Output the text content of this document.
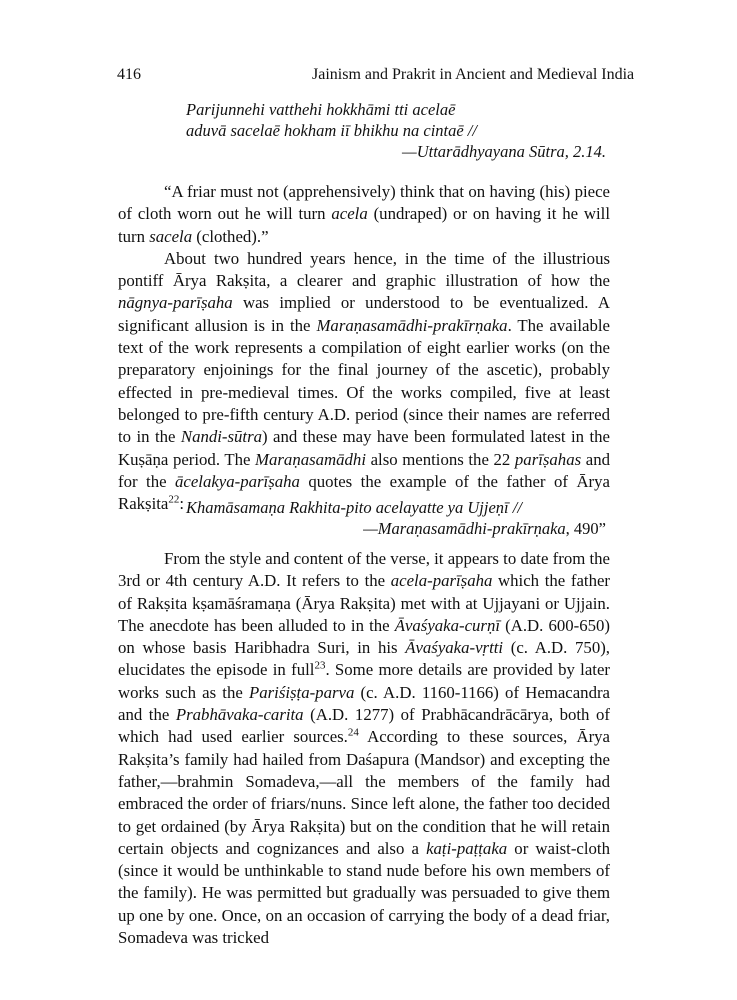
416	Jainism and Prakrit in Ancient and Medieval India
Parijunnehi vatthehi hokkhāmi tti acelaē
aduvā sacelaē hokham iī bhikhu na cintaē //
—Uttarādhyayana Sūtra, 2.14.

“A friar must not (apprehensively) think that on having (his) piece of cloth worn out he will turn acela (undraped) or on having it he will turn sacela (clothed).”

About two hundred years hence, in the time of the illustrious pontiff Ārya Rakṣita, a clearer and graphic illustration of how the nāgnya-parīṣaha was implied or understood to be eventualized. A significant allusion is in the Maraṇasamādhi-prakīrṇaka. The available text of the work represents a compilation of eight earlier works (on the preparatory enjoinings for the final journey of the ascetic), probably effected in pre-medieval times. Of the works compiled, five at least belonged to pre-fifth century A.D. period (since their names are referred to in the Nandi-sūtra) and these may have been formulated latest in the Kuṣāṇa period. The Maraṇasamādhi also mentions the 22 parīṣahas and for the ācelakya-parīṣaha quotes the example of the father of Ārya Rakṣita$^{22}$: Khamāsamaṇa Rakhita-pito acelayatte ya Ujjeṇī //
—Maraṇasamādhi-prakīrṇaka, 490”

From the style and content of the verse, it appears to date from the 3rd or 4th century A.D. It refers to the acela-parīṣaha which the father of Rakṣita kṣamāśramaṇa (Ārya Rakṣita) met with at Ujjayani or Ujjain. The anecdote has been alluded to in the Āvaśyaka-curṇī (A.D. 600-650) on whose basis Haribhadra Suri, in his Āvaśyaka-vṛtti (c. A.D. 750), elucidates the episode in full$^{23}$. Some more details are provided by later works such as the Pariśiṣṭa-parva (c. A.D. 1160-1166) of Hemacandra and the Prabhāvaka-carita (A.D. 1277) of Prabhācandrācārya, both of which had used earlier sources.$^{24}$ According to these sources, Ārya Rakṣita’s family had hailed from Daśapura (Mandsor) and excepting the father,—brahmin Somadeva,—all the members of the family had embraced the order of friars/nuns. Since left alone, the father too decided to get ordained (by Ārya Rakṣita) but on the condition that he will retain certain objects and cognizances and also a kaṭi-paṭṭaka or waist-cloth (since it would be unthinkable to stand nude before his own members of the family). He was permitted but gradually was persuaded to give them up one by one. Once, on an occasion of carrying the body of a dead friar, Somadeva was tricked
